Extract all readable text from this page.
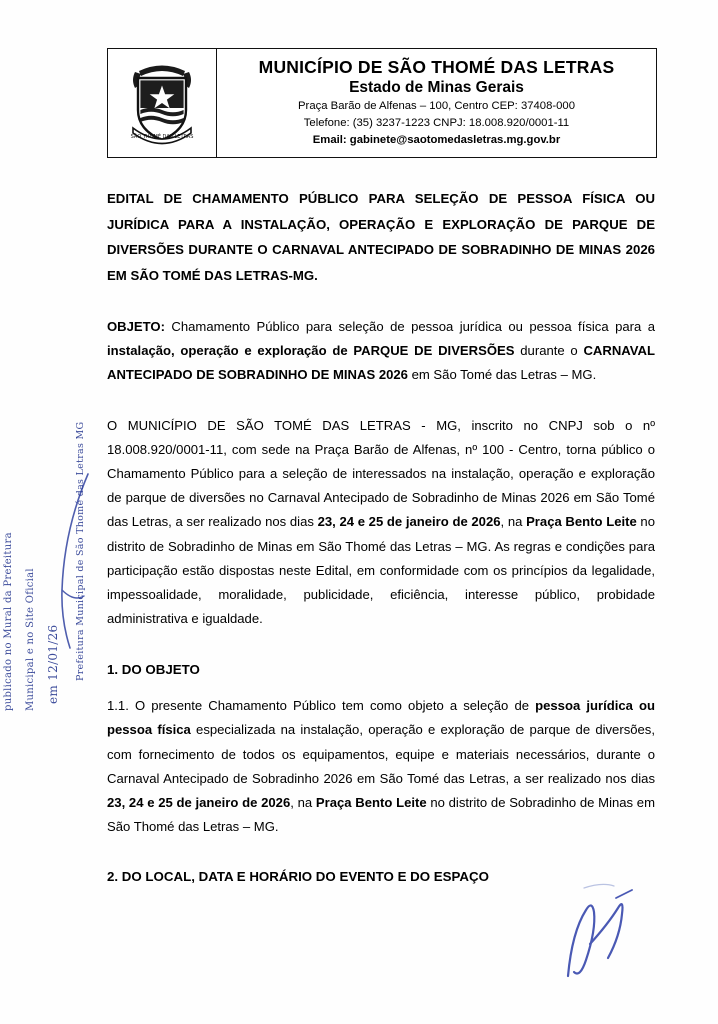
SÃO THOMÉ DAS LETRAS
MUNICÍPIO DE SÃO THOMÉ DAS LETRAS
Estado de Minas Gerais
Praça Barão de Alfenas – 100, Centro CEP: 37408-000
Telefone: (35) 3237-1223 CNPJ: 18.008.920/0001-11
Email: gabinete@saotomedasletras.mg.gov.br

EDITAL DE CHAMAMENTO PÚBLICO PARA SELEÇÃO DE PESSOA FÍSICA OU JURÍDICA PARA A INSTALAÇÃO, OPERAÇÃO E EXPLORAÇÃO DE PARQUE DE DIVERSÕES DURANTE O CARNAVAL ANTECIPADO DE SOBRADINHO DE MINAS 2026 EM SÃO TOMÉ DAS LETRAS-MG.

OBJETO: Chamamento Público para seleção de pessoa jurídica ou pessoa física para a instalação, operação e exploração de PARQUE DE DIVERSÕES durante o CARNAVAL ANTECIPADO DE SOBRADINHO DE MINAS 2026 em São Tomé das Letras – MG.

O MUNICÍPIO DE SÃO TOMÉ DAS LETRAS - MG, inscrito no CNPJ sob o nº 18.008.920/0001-11, com sede na Praça Barão de Alfenas, nº 100 - Centro, torna público o Chamamento Público para a seleção de interessados na instalação, operação e exploração de parque de diversões no Carnaval Antecipado de Sobradinho de Minas 2026 em São Tomé das Letras, a ser realizado nos dias 23, 24 e 25 de janeiro de 2026, na Praça Bento Leite no distrito de Sobradinho de Minas em São Thomé das Letras – MG. As regras e condições para participação estão dispostas neste Edital, em conformidade com os princípios da legalidade, impessoalidade, moralidade, publicidade, eficiência, interesse público, probidade administrativa e igualdade.

1. DO OBJETO

1.1. O presente Chamamento Público tem como objeto a seleção de pessoa jurídica ou pessoa física especializada na instalação, operação e exploração de parque de diversões, com fornecimento de todos os equipamentos, equipe e materiais necessários, durante o Carnaval Antecipado de Sobradinho 2026 em São Tomé das Letras, a ser realizado nos dias 23, 24 e 25 de janeiro de 2026, na Praça Bento Leite no distrito de Sobradinho de Minas em São Thomé das Letras – MG.

2. DO LOCAL, DATA E HORÁRIO DO EVENTO E DO ESPAÇO

publicado no Mural da Prefeitura Municipal e no Site Oficial em 12/01/26 Prefeitura Municipal de São Thomé das Letras MG
